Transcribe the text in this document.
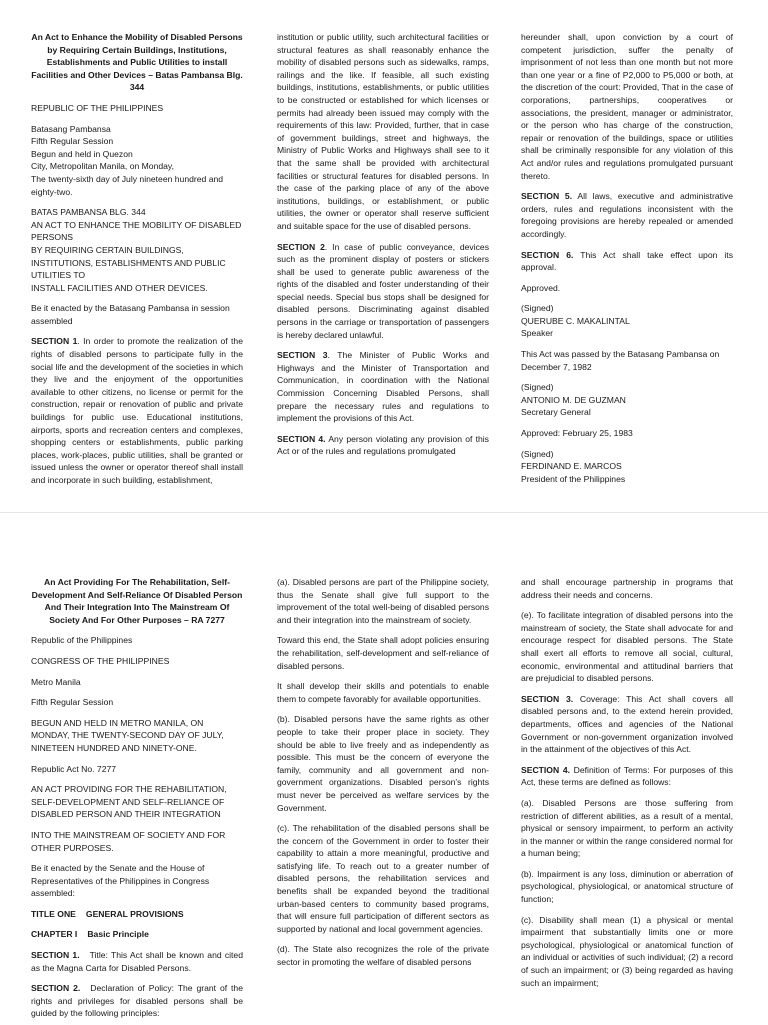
An Act to Enhance the Mobility of Disabled Persons by Requiring Certain Buildings, Institutions, Establishments and Public Utilities to install Facilities and Other Devices – Batas Pambansa Blg. 344

REPUBLIC OF THE PHILIPPINES

Batasang Pambansa
Fifth Regular Session
Begun and held in Quezon
City, Metropolitan Manila, on Monday,
The twenty-sixth day of July nineteen hundred and eighty-two.

BATAS PAMBANSA BLG. 344
AN ACT TO ENHANCE THE MOBILITY OF DISABLED PERSONS
BY REQUIRING CERTAIN BUILDINGS, INSTITUTIONS, ESTABLISHMENTS AND PUBLIC UTILITIES TO
INSTALL FACILITIES AND OTHER DEVICES.

Be it enacted by the Batasang Pambansa in session assembled

SECTION 1. In order to promote the realization of the rights of disabled persons to participate fully in the social life and the development of the societies in which they live and the enjoyment of the opportunities available to other citizens, no license or permit for the construction, repair or renovation of public and private buildings for public use. Educational institutions, airports, sports and recreation centers and complexes, shopping centers or establishments, public parking places, work-places, public utilities, shall be granted or issued unless the owner or operator thereof shall install and incorporate in such building, establishment,

institution or public utility, such architectural facilities or structural features as shall reasonably enhance the mobility of disabled persons such as sidewalks, ramps, railings and the like. If feasible, all such existing buildings, institutions, establishments, or public utilities to be constructed or established for which licenses or permits had already been issued may comply with the requirements of this law: Provided, further, that in case of government buildings, street and highways, the Ministry of Public Works and Highways shall see to it that the same shall be provided with architectural facilities or structural features for disabled persons. In the case of the parking place of any of the above institutions, buildings, or establishment, or public utilities, the owner or operator shall reserve sufficient and suitable space for the use of disabled persons.

SECTION 2. In case of public conveyance, devices such as the prominent display of posters or stickers shall be used to generate public awareness of the rights of the disabled and foster understanding of their special needs. Special bus stops shall be designed for disabled persons. Discriminating against disabled persons in the carriage or transportation of passengers is hereby declared unlawful.

SECTION 3. The Minister of Public Works and Highways and the Minister of Transportation and Communication, in coordination with the National Commission Concerning Disabled Persons, shall prepare the necessary rules and regulations to implement the provisions of this Act.

SECTION 4. Any person violating any provision of this Act or of the rules and regulations promulgated

hereunder shall, upon conviction by a court of competent jurisdiction, suffer the penalty of imprisonment of not less than one month but not more than one year or a fine of P2,000 to P5,000 or both, at the discretion of the court: Provided, That in the case of corporations, partnerships, cooperatives or associations, the president, manager or administrator, or the person who has charge of the construction, repair or renovation of the buildings, space or utilities shall be criminally responsible for any violation of this Act and/or rules and regulations promulgated pursuant thereto.

SECTION 5. All laws, executive and administrative orders, rules and regulations inconsistent with the foregoing provisions are hereby repealed or amended accordingly.

SECTION 6. This Act shall take effect upon its approval.

Approved.

(Signed)
QUERUBE C. MAKALINTAL
Speaker

This Act was passed by the Batasang Pambansa on December 7, 1982

(Signed)
ANTONIO M. DE GUZMAN
Secretary General

Approved: February 25, 1983

(Signed)
FERDINAND E. MARCOS
President of the Philippines

An Act Providing For The Rehabilitation, Self-Development And Self-Reliance Of Disabled Person And Their Integration Into The Mainstream Of Society And For Other Purposes – RA 7277

Republic of the Philippines

CONGRESS OF THE PHILIPPINES

Metro Manila

Fifth Regular Session

BEGUN AND HELD IN METRO MANILA, ON MONDAY, THE TWENTY-SECOND DAY OF JULY, NINETEEN HUNDRED AND NINETY-ONE.

Republic Act No. 7277

AN ACT PROVIDING FOR THE REHABILITATION, SELF-DEVELOPMENT AND SELF-RELIANCE OF DISABLED PERSON AND THEIR INTEGRATION

INTO THE MAINSTREAM OF SOCIETY AND FOR OTHER PURPOSES.

Be it enacted by the Senate and the House of Representatives of the Philippines in Congress assembled:

TITLE ONE GENERAL PROVISIONS

CHAPTER I Basic Principle

SECTION 1. Title: This Act shall be known and cited as the Magna Carta for Disabled Persons.

SECTION 2. Declaration of Policy: The grant of the rights and privileges for disabled persons shall be guided by the following principles:

(a). Disabled persons are part of the Philippine society, thus the Senate shall give full support to the improvement of the total well-being of disabled persons and their integration into the mainstream of society.

Toward this end, the State shall adopt policies ensuring the rehabilitation, self-development and self-reliance of disabled persons.

It shall develop their skills and potentials to enable them to compete favorably for available opportunities.

(b). Disabled persons have the same rights as other people to take their proper place in society. They should be able to live freely and as independently as possible. This must be the concern of everyone the family, community and all government and non-government organizations. Disabled person's rights must never be perceived as welfare services by the Government.

(c). The rehabilitation of the disabled persons shall be the concern of the Government in order to foster their capability to attain a more meaningful, productive and satisfying life. To reach out to a greater number of disabled persons, the rehabilitation services and benefits shall be expanded beyond the traditional urban-based centers to community based programs, that will ensure full participation of different sectors as supported by national and local government agencies.

(d). The State also recognizes the role of the private sector in promoting the welfare of disabled persons

and shall encourage partnership in programs that address their needs and concerns.

(e). To facilitate integration of disabled persons into the mainstream of society, the State shall advocate for and encourage respect for disabled persons. The State shall exert all efforts to remove all social, cultural, economic, environmental and attitudinal barriers that are prejudicial to disabled persons.

SECTION 3. Coverage: This Act shall covers all disabled persons and, to the extend herein provided, departments, offices and agencies of the National Government or non-government organization involved in the attainment of the objectives of this Act.

SECTION 4. Definition of Terms: For purposes of this Act, these terms are defined as follows:

(a). Disabled Persons are those suffering from restriction of different abilities, as a result of a mental, physical or sensory impairment, to perform an activity in the manner or within the range considered normal for a human being;

(b). Impairment is any loss, diminution or aberration of psychological, physiological, or anatomical structure of function;

(c). Disability shall mean (1) a physical or mental impairment that substantially limits one or more psychological, physiological or anatomical function of an individual or activities of such individual; (2) a record of such an impairment; or (3) being regarded as having such an impairment;
